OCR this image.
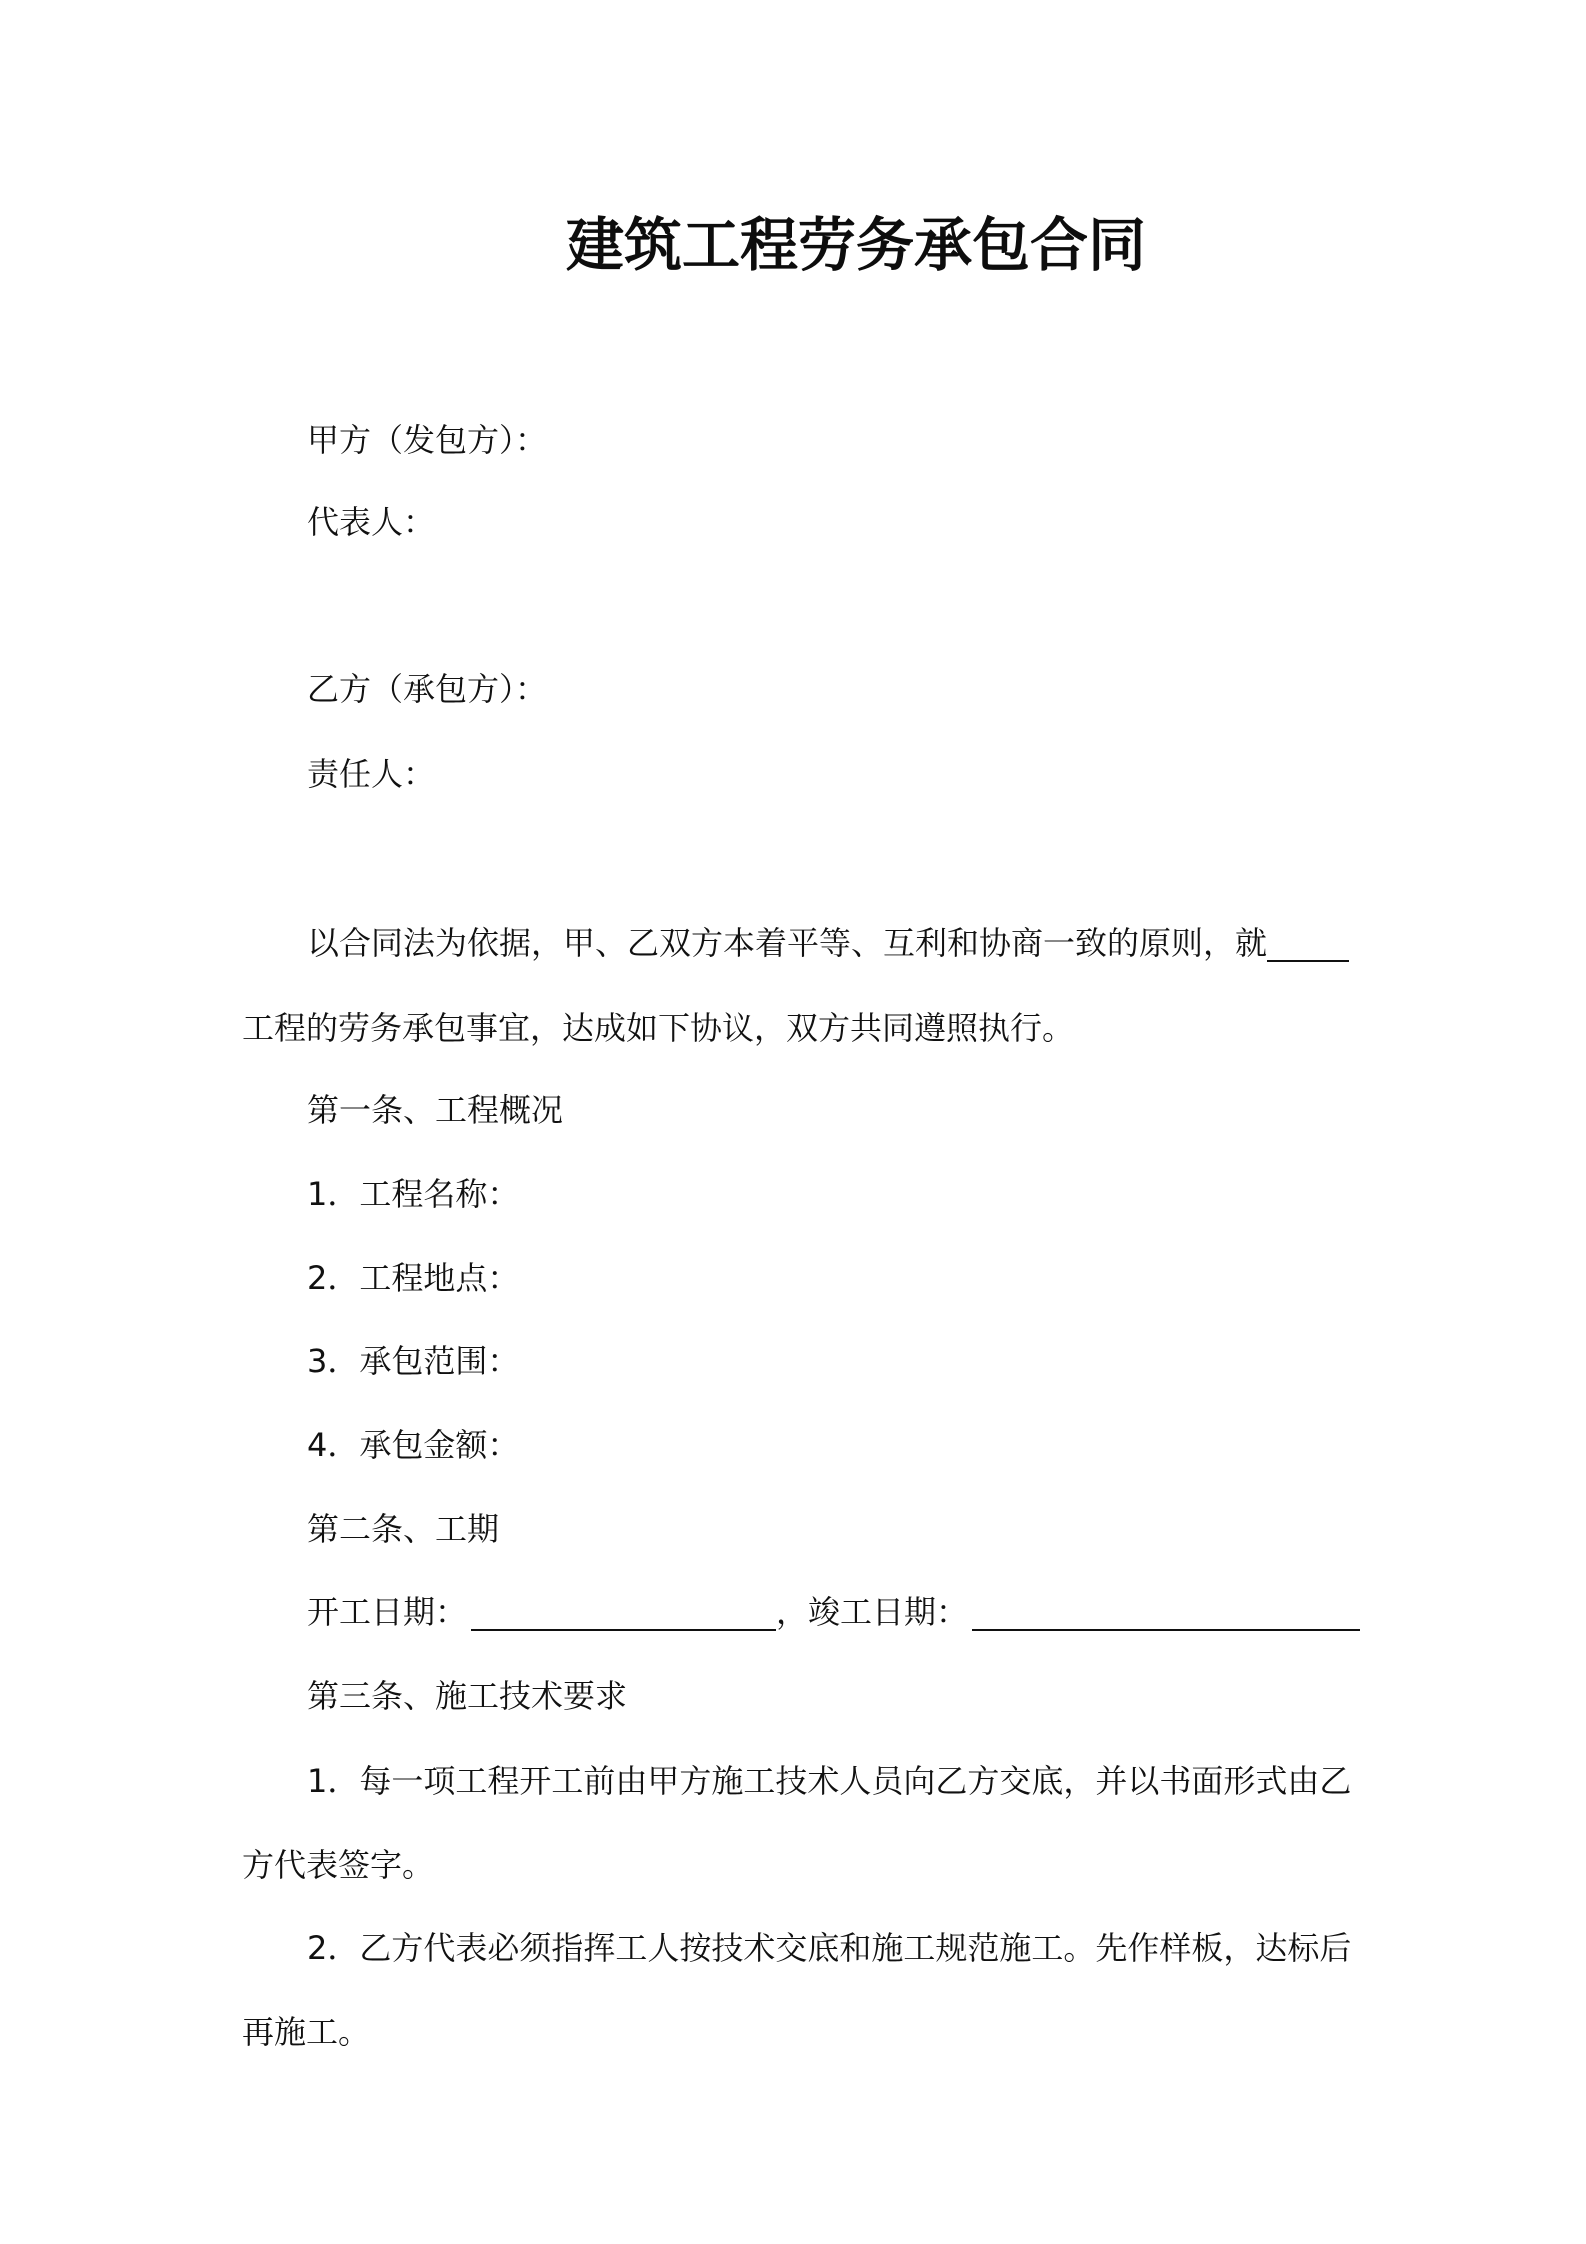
建筑工程劳务承包合同
甲方（发包方）：
代表人：
乙方（承包方）：
责任人：
以合同法为依据，甲、乙双方本着平等、互利和协商一致的原则，就
工程的劳务承包事宜，达成如下协议，双方共同遵照执行。
第一条、工程概况
1．工程名称：
2．工程地点：
3．承包范围：
4．承包金额：
第二条、工期
开工日期：	，竣工日期：
第三条、施工技术要求
1．每一项工程开工前由甲方施工技术人员向乙方交底，并以书面形式由乙
方代表签字。
2．乙方代表必须指挥工人按技术交底和施工规范施工。先作样板，达标后
再施工。
